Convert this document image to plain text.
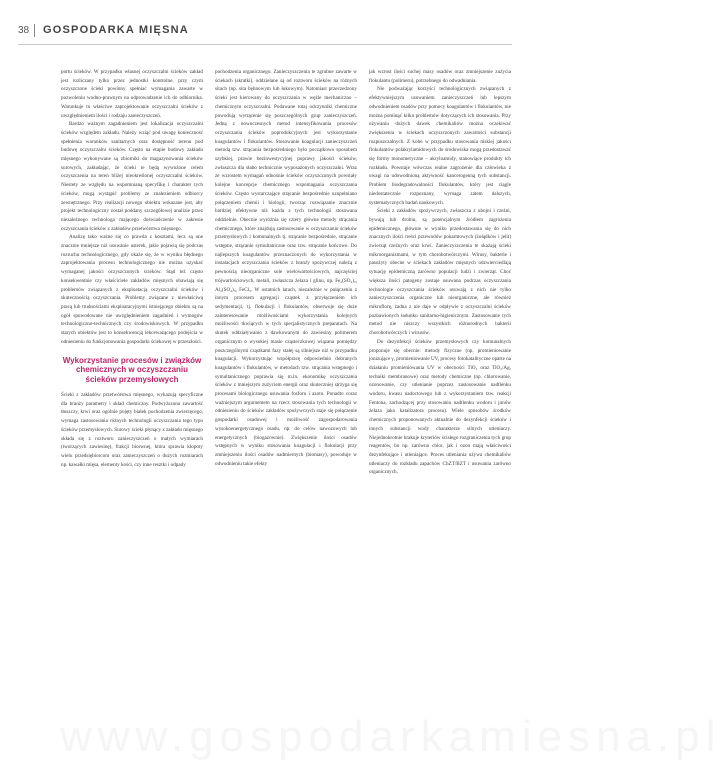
38 GOSPODARKA MIĘSNA

portu ścieków. W przypadku własnej oczyszczalni ścieków zakład jest rozliczany tylko przez jednostki kontrolne, przy czym oczyszczone ścieki powinny spełniać wymagania zawarte w pozwoleniu wodno-prawnym na odprowadzenie ich do odbiornika. Warunkuje to właściwe zaprojektowanie oczyszczalni ścieków z uwzględnieniem ilości i rodzaju zanieczyszczeń.

Bardzo ważnym zagadnieniem jest lokalizacja oczyszczalni ścieków względem zakładu. Należy wziąć pod uwagę konieczność spełnienia warunków sanitarnych oraz dostępność terenu pod budowę oczyszczalni ścieków. Często na etapie budowy zakładu mięsnego wykonywane są zbiorniki do magazynowania ścieków surowych, zakładając, że ścieki te będą wywożone celem oczyszczenia na teren bliżej nieokreślonej oczyszczalni ścieków. Niestety ze względu na wspomnianą specyfikę i charakter tych ścieków, mogą wystąpić problemy ze znalezieniem odbiorcy zewnętrznego. Przy realizacji nowego obiektu wskazane jest, aby projekt technologiczny został poddany szczegółowej analizie przez niezależnego technologa mającego doświadczenie w zakresie oczyszczania ścieków z zakładów przetwórstwa mięsnego.

Analizę tako ważne się co prawda z kosztami, lecz są one znacznie mniejsze niż usuwanie usterek, jakie pojawią się podczas rozruchu technologicznego, gdy okaże się, że w wyniku błędnego zaprojektowania procesu technologicznego nie można uzyskać wymaganej jakości oczyszczonych ścieków. Stąd też często konsekwentnie czy właściciele zakładów mięsnych obawiają się problemów związanych z eksploatacją oczyszczalni ścieków i skutecznością oczyszczania. Problemy związane z niewłaściwą pracą lub trudnościami eksploatacyjnymi istniejącego obiektu są na ogół spowodowane nie uwzględnieniem zagadnień i wymogów technologiczno-technicznych czy środowiskowych. W przypadku starych obiektów jest to konsekwencją lekceważącego podejścia w odniesieniu do funkcjonowania gospodarki ściekowej w przeszłości.

Wykorzystanie procesów i związków chemicznych w oczyszczaniu ścieków przemysłowych

Ścieki z zakładów przetwórstwa mięsnego, wykazują specyficzne dla branży parametry i skład chemiczny. Podwyższona zawartość tłuszczy, krwi oraz ogólnie pojęty białek pochodzenia zwierzęcego, wymaga zastosowania różnych technologii oczyszczania tego typu ścieków przemysłowych. Surowy ścieki płynący z zakładu mięsnego składa się z roztworu zanieczyszczeń o małych wymiarach (tworzących zawiesinę), frakcji biorwnej, która sprawia kłopoty wielu przedsiębiorcom oraz zanieczyszczeń o dużych rozmiarach np. kawałki mięsa, elementy kości, czy inne resztki i odpady

pochodzenia organicznego. Zanieczyszczenia te zgrubne zawarte w ściekach (skratki), oddzielane są od roztworu ścieków na różnych sitach (np. sita bębnowym lub łukowym). Natomiast przeczedzony ścieki jest kierowany do oczyszczania w węźle mechaniczno – chemicznym oczyszczalni. Podawane tutaj odczynniki chemiczne powodują wytrącenie się poszczególnych grup zanieczyszczeń. Jedną z nowoczesnych metod intensyfikowania procesów oczyszczania ścieków poprodukcyjnych jest wykorzystanie koagulantów i flokulantów. Stosowanie koagulacji zanieczyszczeń metodą tzw. strącania bezpośredniego było początkowo sposobem szybkiej, prawie bezinwestycyjnej poprawy jakości ścieków, zwłaszcza dla słabo technicznie wyposażonych oczyszczalni. Wraz ze wzrostem wymagań odnośnie ścieków oczyszczonych powstały kolejne koncepcje chemicznego wspomagania oczyszczania ścieków. Często wystarczające strącanie bezpośrednie uzupełniano połączeniem chemii i biologii, tworząc rozwiązanie znacznie bardziej efektywne niż każda z tych technologii stosowana oddzielnie. Obecnie wyróżnia się cztery główne metody strącania chemicznego, które znajdują zastosowanie w oczyszczaniu ścieków przemysłowych i komunalnych tj. strącanie bezpośrednie, strącanie wstępne, strącanie symultaniczne oraz tzw. strącanie końcowe. Do najlepszych koagulantów przeznaczonych do wykorzystania w instalacjach oczyszczania ścieków z branży spożywczej należą z pewnością nieorganiczne sole wielowartościowych, najczęściej trójwartościowych, metali, zwłaszcza żelaza i glinu, np. Fe₂(SO₄)₃, Al₂(SO₄)₃, FeCl₃. W ostatnich latach, niezależnie w połączeniu z innym procesem agregacji cząstek z przyłączeniem ich sedymentacji, tj. flokulacji i flokulantów, obserwuje się duże zainteresowanie możliwościami wykorzystania kolejnych możliwości tkwiących w tych specjalistycznych preparatach. Na skutek oddziaływanio z dawkowanym do zawiesiny polimerem organicznym o wysokiej masie cząsteczkowej wiązana pomiędzy poszczególnymi cząstkami fazy stałej są silniejsze niż w przypadku koagulacji. Wykorzystując współpracę odpowiednio dobranych koagulantów i flokulantów, w metodach tzw. strącania wstępnego i symultanicznego poprawia się m.in. ekonomikę oczyszczania ścieków z mniejszym zużyciem energii oraz skuteczniej strzyga się procesami biologicznego usuwania fosforu i azotu. Ponadto coraz ważniejszym argumentem na rzecz stosowania tych technologii w odniesieniu do ścieków zakładów spożywczych staje się połączenie gospodarki osadowej i możliwość zagospodarowania wysokoenergetycznego osadu, np. do celów nawozowych lub energetycznych (biogazownie). Zwiększenie ilości osadów wstępnych w wyniku stosowania koagulacji i flokulacji przy zmniejszeniu ilości osadów nadmiernych (biomasy), powoduje w odwodnieniu takie efekty

jak wzrost ilości suchej masy osadów oraz zmniejszenie zużycia flokulantu (polimeru), potrzebnego do odwadniania.

Nie podważając korzyści technologicznych związanych z efektywniejszym usuwaniem zanieczyszczeń lub lepszym odwodnieniem osadów przy pomocy koagulantów i flokulantów, nie można pominąć kilku problemów dotyczących ich stosowania. Przy używaniu dużych dawek chemikaliów można oczekiwać zwiększenia w ściekach oczyszczonych zawartości substancji rozpuszczalnych. Z kolei w przypadku stosowania niskiej jakości flokulantów polakrylamidowych do środowiska mogą przedostawać się formy monomeryczne – akryloamidy, stanowiące produkty ich rozkładu. Powstaje wówczas realne zagrożenie dla człowieka z uwagi na udowodnioną aktywność kancerogenną tych substancji. Problem biodegradowalności flokulantów, który jest ciągle niedostatecznie rozpoznany, wymaga zatem dalszych, systematycznych badań naukowych.

Ścieki z zakładów spożywczych, zwłaszcza z ubojni i rzeźni, bywają lub drobiu, są potencjalnym źródłem zagrożenia epidemicznego, głównie w wyniku przedostawania się do nich znacznych ilości treści przewodów pokarmowych (żołądków i jelit) zwierząt rzeźnych oraz krwi. Zanieczyszczenia te skażają ścieki mikroorganizmami, w tym chorobotwórczymi. Wirusy, bakterie i pasożyty obecne w ściekach zakładów mięsnych odzwierciedlają sytuację epidemiczną zarówno populacji ludzi i zwierząt. Choć większa ilości patogeny zostaje usuwana podczas oczyszczania technologie oczyszczania ścieków usuwają z nich nie tylko zanieczyszczenia organiczne lub nieorganiczne, ale również mikroflorę, żadna z nie daje w odpływie z oczyszczalni ścieków pozbawionych ładunku sanitarno-higienicznym. Zastosowanie tych metod nie niszczy wszystkich różnorodnych bakterii chorobotwórczych i wirusów.

Do dezynfekcji ścieków przemysłowych czy komunalnych proponuje się obecnie: metody fizyczne (np. promieniowanie jonizujące γ, promieniowanie UV, procesy fotokatalityczne oparte na działaniu promieniowania UV w obecności TiO₂ oraz TiO₂/Ag, techniki membranowe) oraz metody chemiczne (np. chlorowanie, ozonowanie, czy utlenianie poprzez zastosowanie nadtlenku wodoru, kwasu nadoctowego lub z wykorzystaniem tzw. reakcji Fentona, zachodzącej przy stosowaniu nadtlenku wodoru i jonów żelaza jako katalizatora procesu). Wiele sposobów środków chemicznych proponowanych aktualnie do dezynfekcji ścieków i innych substancji wody charakterze silnych utleniaczy. Niejednokrotnie brakuje kryteriów ścisłego rozgraniczenia tych grup reagentów, bo np. zarówno chlor, jak i ozon mają właściwości dezynfekujące i utleniające. Proces utleniania używa chemikaliów utleniaczy do rozkładu zapachów ChZT/BZT i usuwania zarówno organicznych,

www.gospodarkamiesna.pl
